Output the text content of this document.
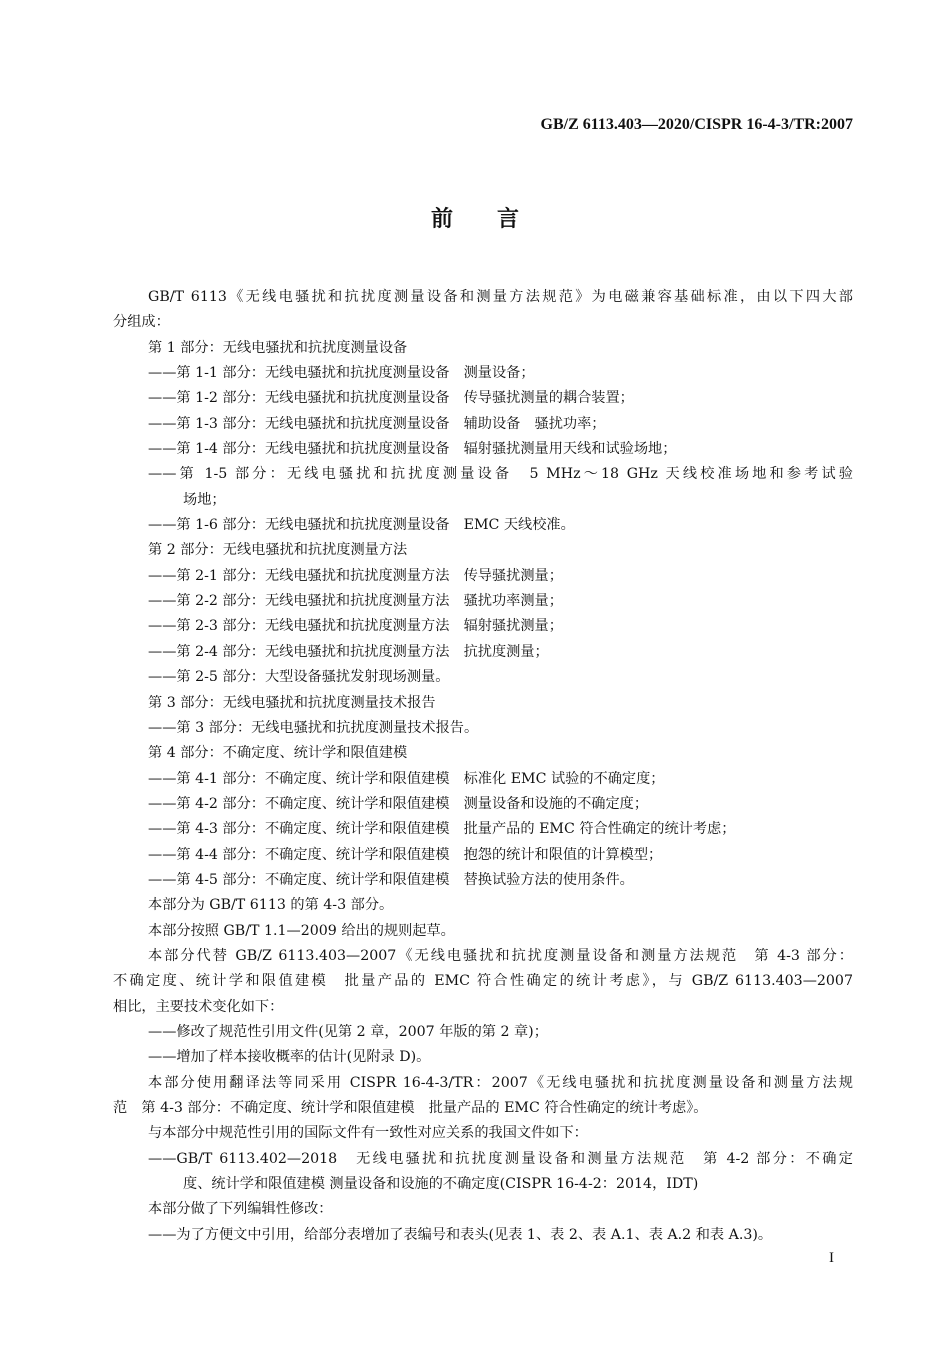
GB/Z 6113.403—2020/CISPR 16-4-3/TR:2007
前言
GB/T 6113《无线电骚扰和抗扰度测量设备和测量方法规范》为电磁兼容基础标准，由以下四大部
分组成：
第 1 部分：无线电骚扰和抗扰度测量设备
——第 1-1 部分：无线电骚扰和抗扰度测量设备　测量设备；
——第 1-2 部分：无线电骚扰和抗扰度测量设备　传导骚扰测量的耦合装置；
——第 1-3 部分：无线电骚扰和抗扰度测量设备　辅助设备　骚扰功率；
——第 1-4 部分：无线电骚扰和抗扰度测量设备　辐射骚扰测量用天线和试验场地；
——第 1-5 部分：无线电骚扰和抗扰度测量设备　5 MHz～18 GHz 天线校准场地和参考试验
场地；
——第 1-6 部分：无线电骚扰和抗扰度测量设备　EMC 天线校准。
第 2 部分：无线电骚扰和抗扰度测量方法
——第 2-1 部分：无线电骚扰和抗扰度测量方法　传导骚扰测量；
——第 2-2 部分：无线电骚扰和抗扰度测量方法　骚扰功率测量；
——第 2-3 部分：无线电骚扰和抗扰度测量方法　辐射骚扰测量；
——第 2-4 部分：无线电骚扰和抗扰度测量方法　抗扰度测量；
——第 2-5 部分：大型设备骚扰发射现场测量。
第 3 部分：无线电骚扰和抗扰度测量技术报告
——第 3 部分：无线电骚扰和抗扰度测量技术报告。
第 4 部分：不确定度、统计学和限值建模
——第 4-1 部分：不确定度、统计学和限值建模　标准化 EMC 试验的不确定度；
——第 4-2 部分：不确定度、统计学和限值建模　测量设备和设施的不确定度；
——第 4-3 部分：不确定度、统计学和限值建模　批量产品的 EMC 符合性确定的统计考虑；
——第 4-4 部分：不确定度、统计学和限值建模　抱怨的统计和限值的计算模型；
——第 4-5 部分：不确定度、统计学和限值建模　替换试验方法的使用条件。
本部分为 GB/T 6113 的第 4-3 部分。
本部分按照 GB/T 1.1—2009 给出的规则起草。
本部分代替 GB/Z 6113.403—2007《无线电骚扰和抗扰度测量设备和测量方法规范　第 4-3 部分：
不确定度、统计学和限值建模　批量产品的 EMC 符合性确定的统计考虑》，与 GB/Z 6113.403—2007
相比，主要技术变化如下：
——修改了规范性引用文件(见第 2 章，2007 年版的第 2 章)；
——增加了样本接收概率的估计(见附录 D)。
本部分使用翻译法等同采用 CISPR 16-4-3/TR：2007《无线电骚扰和抗扰度测量设备和测量方法规
范　第 4-3 部分：不确定度、统计学和限值建模　批量产品的 EMC 符合性确定的统计考虑》。
与本部分中规范性引用的国际文件有一致性对应关系的我国文件如下：
——GB/T 6113.402—2018　无线电骚扰和抗扰度测量设备和测量方法规范　第 4-2 部分：不确定
度、统计学和限值建模 测量设备和设施的不确定度(CISPR 16-4-2：2014，IDT)
本部分做了下列编辑性修改：
——为了方便文中引用，给部分表增加了表编号和表头(见表 1、表 2、表 A.1、表 A.2 和表 A.3)。
I
